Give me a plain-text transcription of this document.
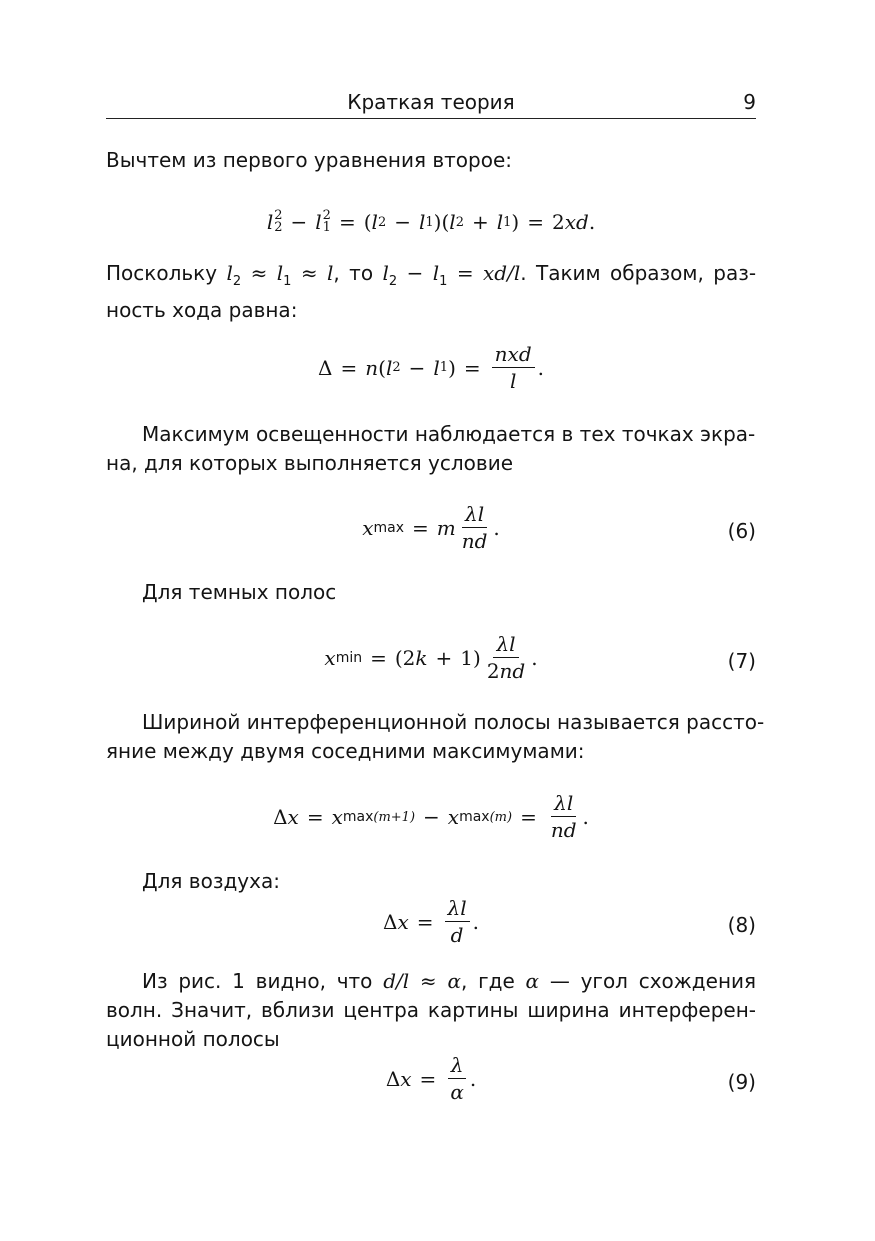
Краткая теория	9

Вычтем из первого уравнения второе:

l 2
2 − l 2
1 = ( l 2 − l 1 )( l 2 + l 1 ) = 2 xd .

Поскольку $l_2 \approx l_1 \approx l$, то $l_2 - l_1 = xd/l$. Таким образом, раз-
ность хода равна:

Δ = n ( l 2 − l 1 ) = $\frac{\text{nxd}}{l}$ .

Максимум освещенности наблюдается в тех точках экра-
на, для которых выполняется условие

x max = m $\frac{\lambda l}{nd}$ .	(6)

Для темных полос

x min = (2 $k + 1) \frac{\lambda l}{2nd}$ .	(7)

Шириной интерференционной полосы называется рассто-
яние между двумя соседними максимумами:

Δ x = x max(m+1) − x $\max(m) = \frac{\lambda l}{nd}$ .

Для воздуха:

Δ $x = \frac{\lambda l}{d}$ .	(8)

Из рис. 1 видно, что d/l ≈ α, где α — угол схождения
волн. Значит, вблизи центра картины ширина интерферен-
ционной полосы

Δ $x = \frac{\lambda}{\alpha}$ .	(9)
